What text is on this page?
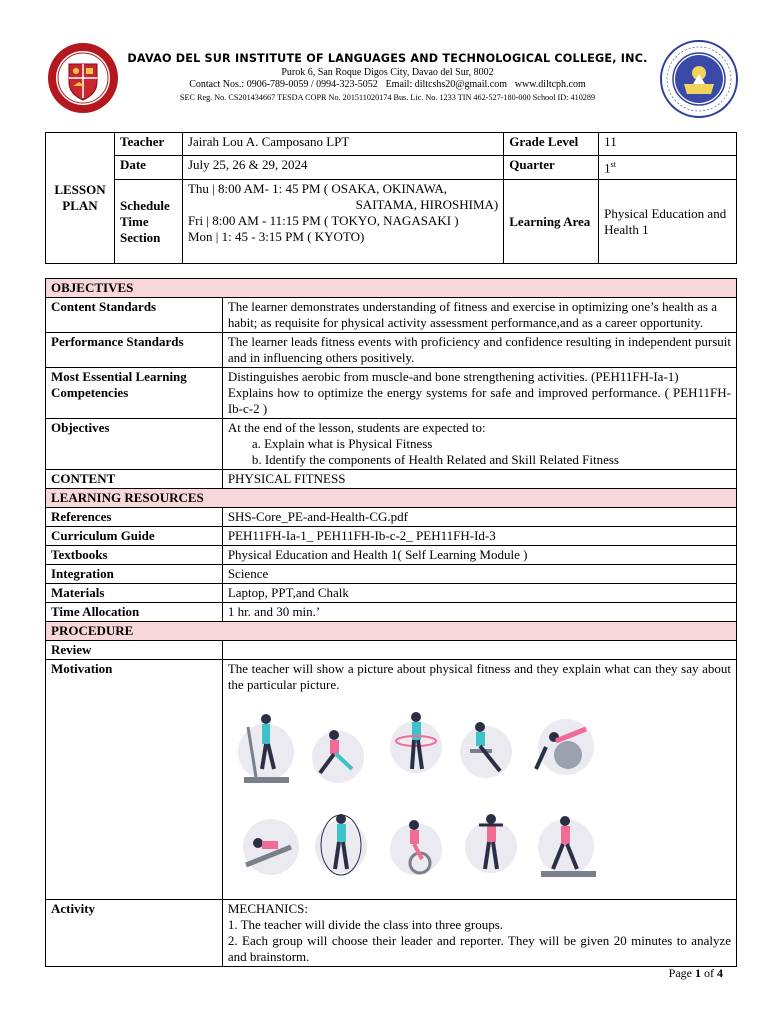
DAVAO DEL SUR INSTITUTE OF LANGUAGES AND TECHNOLOGICAL COLLEGE, INC.
Purok 6, San Roque Digos City, Davao del Sur, 8002
Contact Nos.: 0906-789-0059 / 0994-323-5052 Email: diltcshs20@gmail.com www.diltcph.com
SEC Reg. No. CS201434667 TESDA COPR No. 201511020174 Bus. Lic. No. 1233 TIN 462-527-180-000 School ID: 410289
LESSON PLAN	Teacher	Jairah Lou A. Camposano LPT	Grade Level	11
	Date	July 25, 26 & 29, 2024	Quarter	1st
	Schedule Time Section	Thu | 8:00 AM- 1: 45 PM ( OSAKA, OKINAWA,
SAITAMA, HIROSHIMA)
Fri | 8:00 AM - 11:15 PM ( TOKYO, NAGASAKI )
Mon | 1: 45 - 3:15 PM ( KYOTO)	Learning Area	Physical Education and Health 1
OBJECTIVES	
Content Standards	The learner demonstrates understanding of fitness and exercise in optimizing one’s health as a habit; as requisite for physical activity assessment performance,and as a career opportunity.
Performance Standards	The learner leads fitness events with proficiency and confidence resulting in independent pursuit and in influencing others positively.
Most Essential Learning Competencies	Distinguishes aerobic from muscle-and bone strengthening activities. (PEH11FH-Ia-1)
Explains how to optimize the energy systems for safe and improved performance. ( PEH11FH-Ib-c-2 )

Objectives	At the end of the lesson, students are expected to:
a. Explain what is Physical Fitness
b. Identify the components of Health Related and Skill Related Fitness

CONTENT	PHYSICAL FITNESS
LEARNING RESOURCES	
References	SHS-Core_PE-and-Health-CG.pdf
Curriculum Guide	PEH11FH-Ia-1_ PEH11FH-Ib-c-2_ PEH11FH-Id-3
Textbooks	Physical Education and Health 1( Self Learning Module )
Integration	Science
Materials	Laptop, PPT,and Chalk
Time Allocation	1 hr. and 30 min.’
PROCEDURE	
Review	
Motivation	The teacher will show a picture about physical fitness and they explain what can they say about the particular picture.

Activity	MECHANICS:
1. The teacher will divide the class into three groups.
2. Each group will choose their leader and reporter. They will be given 20 minutes to analyze and brainstorm.
Page 1 of 4
